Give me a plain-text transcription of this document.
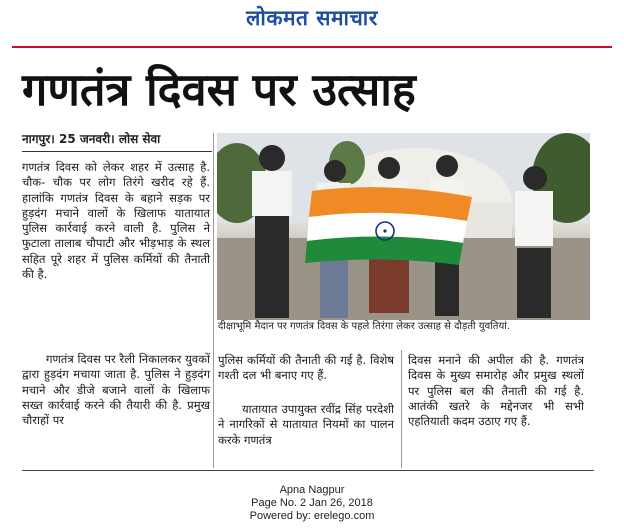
लोकमत समाचार
गणतंत्र दिवस पर उत्साह
नागपुर। 25 जनवरी। लोस सेवा

गणतंत्र दिवस को लेकर शहर में उत्साह है. चौक- चौक पर लोग तिरंगे खरीद रहे हैं. हालांकि गणतंत्र दिवस के बहाने सड़क पर हुड़दंग मचाने वालों के खिलाफ यातायात पुलिस कार्रवाई करने वाली है. पुलिस ने फुटाला तालाब चौपाटी और भीड़भाड़ के स्थल सहित पूरे शहर में पुलिस कर्मियों की तैनाती की है.

गणतंत्र दिवस पर रैली निकालकर युवकों द्वारा हुड़दंग मचाया जाता है. पुलिस ने हुड़दंग मचाने और डीजे बजाने वालों के खिलाफ सख्त कार्रवाई करने की तैयारी की है. प्रमुख चौराहों पर

दीक्षाभूमि मैदान पर गणतंत्र दिवस के पहले तिरंगा लेकर उत्साह से दौड़ती युवतियां.

पुलिस कर्मियों की तैनाती की गई है. विशेष गश्ती दल भी बनाए गए हैं.

यातायात उपायुक्त रवींद्र सिंह परदेशी ने नागरिकों से यातायात नियमों का पालन करके गणतंत्र

दिवस मनाने की अपील की है. गणतंत्र दिवस के मुख्य समारोह और प्रमुख स्थलों पर पुलिस बल की तैनाती की गई है. आतंकी खतरे के मद्देनजर भी सभी एहतियाती कदम उठाए गए हैं.

Apna Nagpur
Page No. 2 Jan 26, 2018
Powered by: erelego.com
